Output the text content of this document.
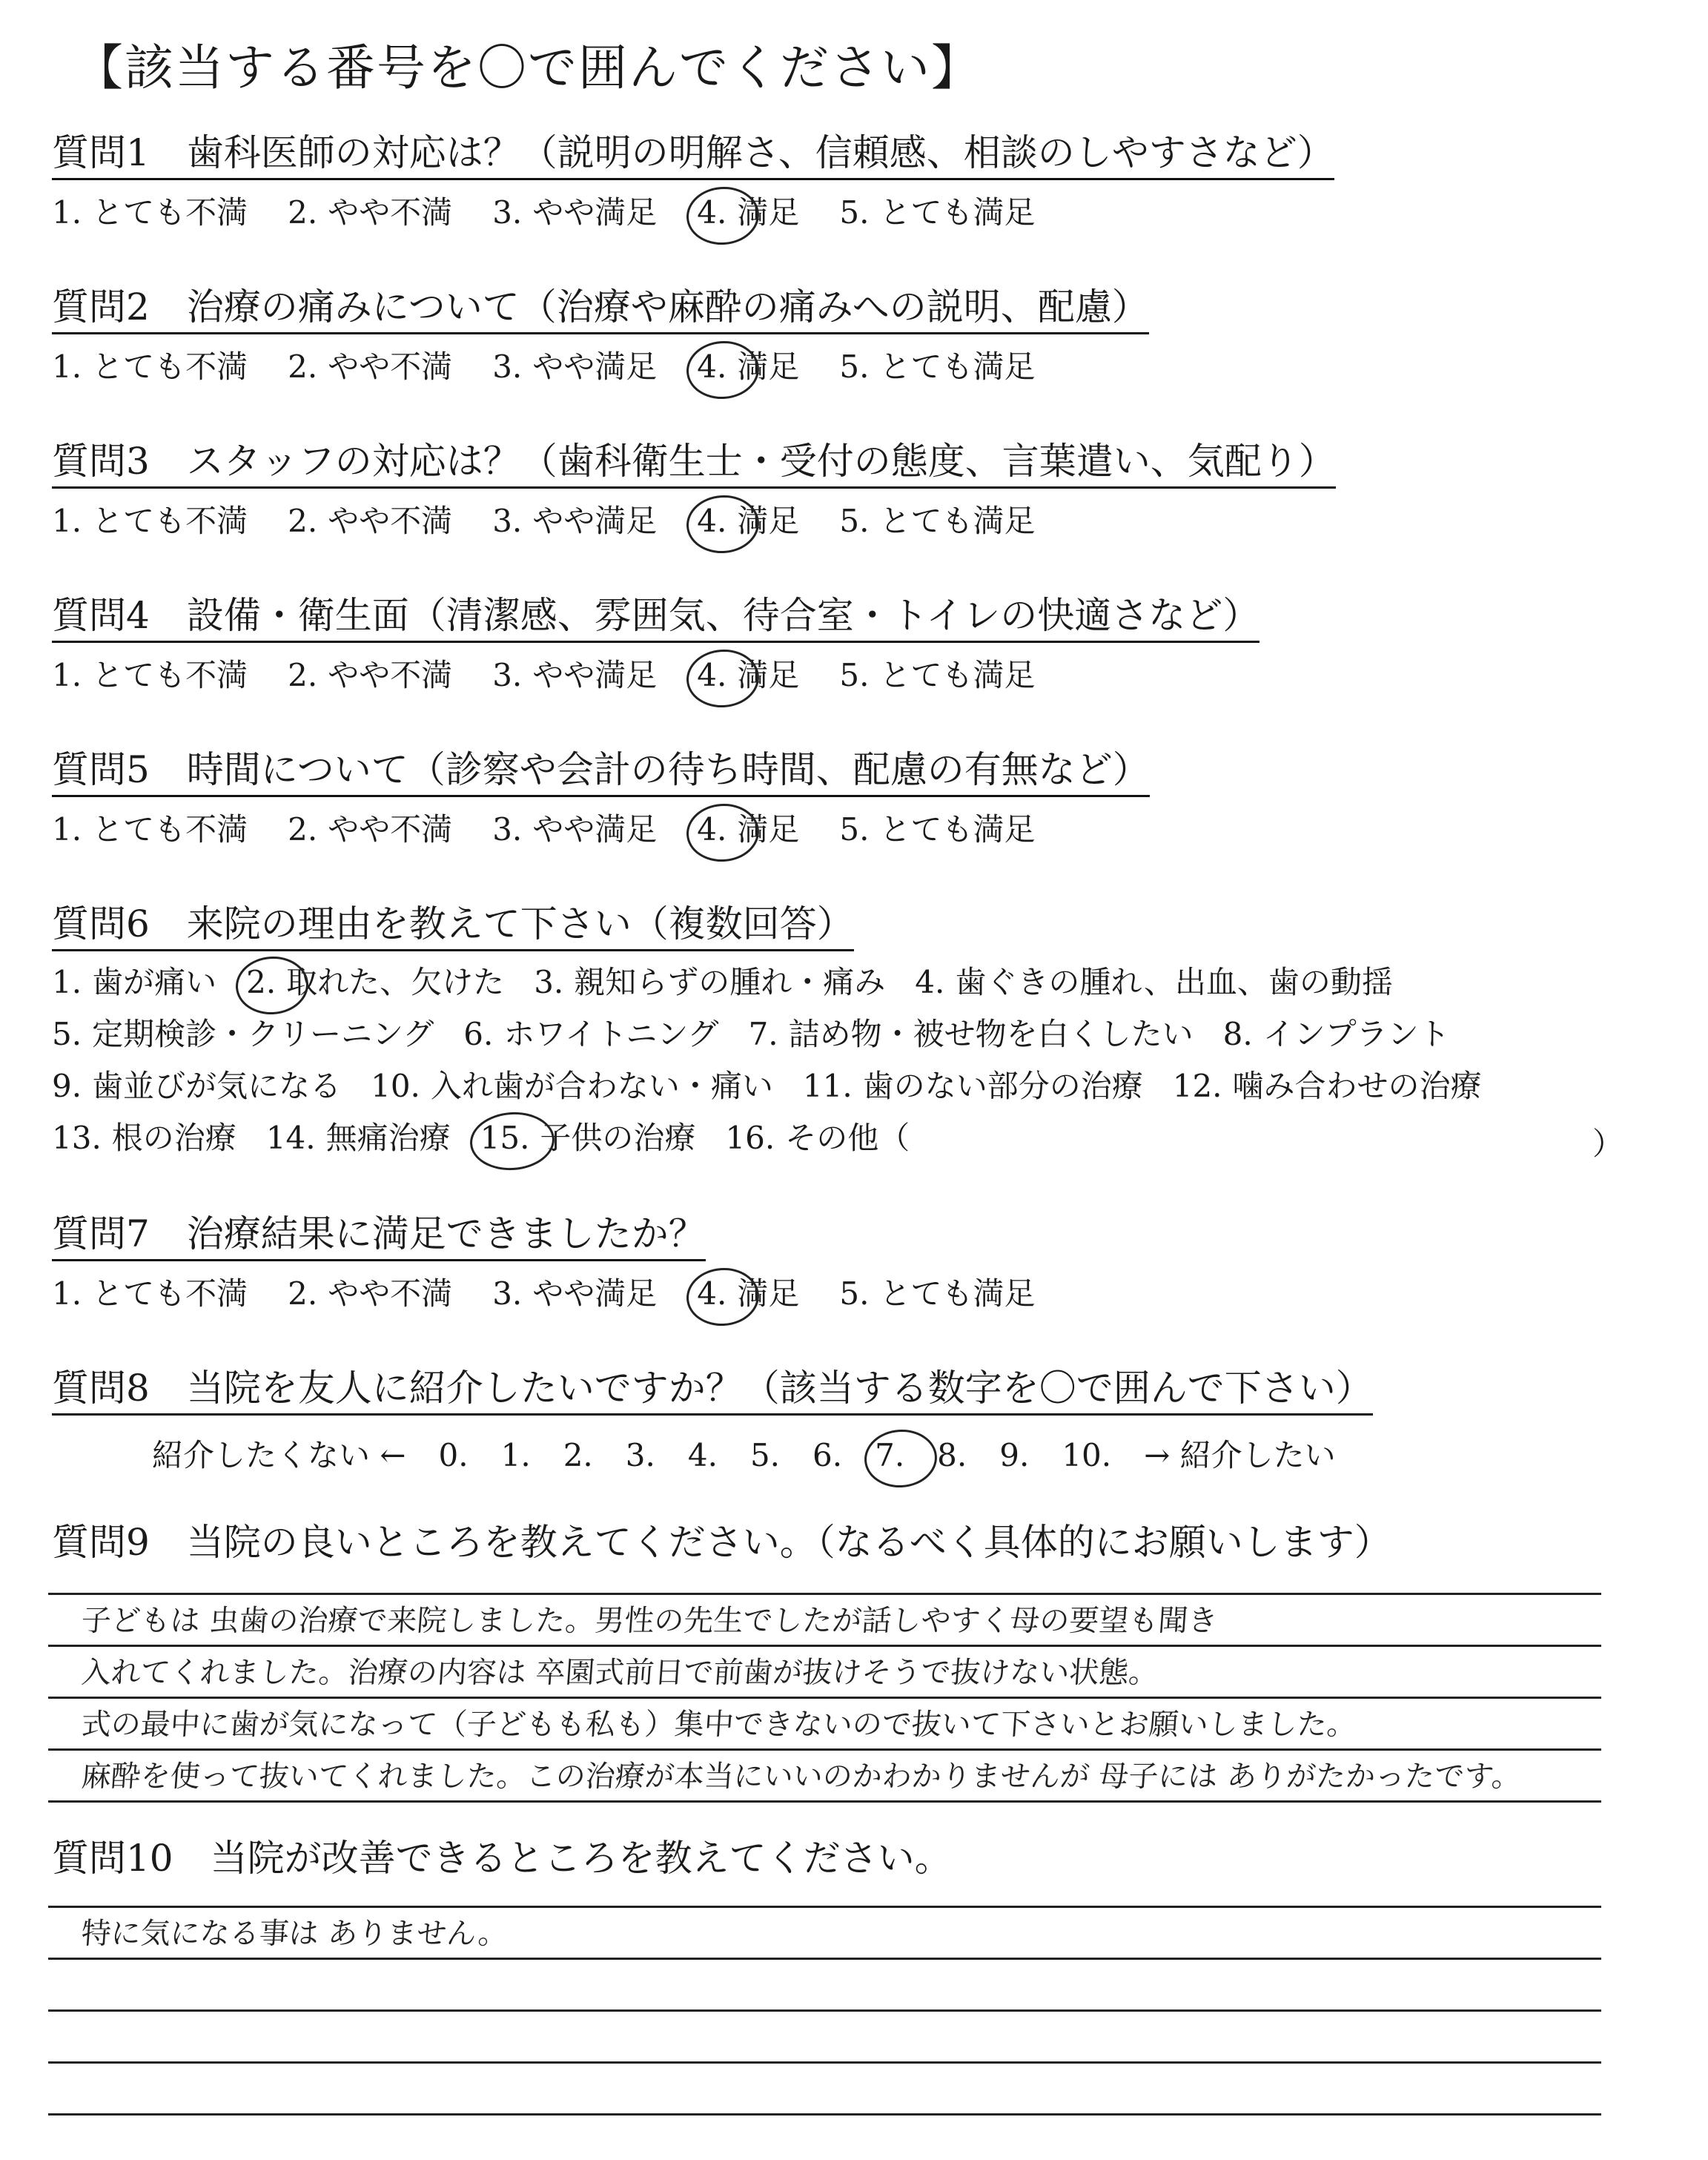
【該当する番号を〇で囲んでください】
質問1　歯科医師の対応は？（説明の明解さ、信頼感、相談のしやすさなど）
1. とても不満 2. やや不満 3. やや満足 4. 満足 5. とても満足
質問2　治療の痛みについて（治療や麻酔の痛みへの説明、配慮）
1. とても不満 2. やや不満 3. やや満足 4. 満足 5. とても満足
質問3　スタッフの対応は？（歯科衛生士・受付の態度、言葉遣い、気配り）
1. とても不満 2. やや不満 3. やや満足 4. 満足 5. とても満足
質問4　設備・衛生面（清潔感、雰囲気、待合室・トイレの快適さなど）
1. とても不満 2. やや不満 3. やや満足 4. 満足 5. とても満足
質問5　時間について（診察や会計の待ち時間、配慮の有無など）
1. とても不満 2. やや不満 3. やや満足 4. 満足 5. とても満足
質問6　来院の理由を教えて下さい（複数回答）
1. 歯が痛い 2. 取れた、欠けた 3. 親知らずの腫れ・痛み 4. 歯ぐきの腫れ、出血、歯の動揺
5. 定期検診・クリーニング 6. ホワイトニング 7. 詰め物・被せ物を白くしたい 8. インプラント
9. 歯並びが気になる 10. 入れ歯が合わない・痛い 11. 歯のない部分の治療 12. 噛み合わせの治療
13. 根の治療 14. 無痛治療 15. 子供の治療 16. その他（	）
質問7　治療結果に満足できましたか？
1. とても不満 2. やや不満 3. やや満足 4. 満足 5. とても満足
質問8　当院を友人に紹介したいですか？（該当する数字を〇で囲んで下さい）
紹介したくない ← 0. 1. 2. 3. 4. 5. 6. 7. 8. 9. 10. → 紹介したい
質問9　当院の良いところを教えてください。（なるべく具体的にお願いします）
子どもは 虫歯の治療で来院しました。男性の先生でしたが話しやすく母の要望も聞き
入れてくれました。治療の内容は 卒園式前日で前歯が抜けそうで抜けない状態。
式の最中に歯が気になって（子どもも私も）集中できないので抜いて下さいとお願いしました。
麻酔を使って抜いてくれました。この治療が本当にいいのかわかりませんが 母子には ありがたかったです。
質問10　当院が改善できるところを教えてください。
特に気になる事は ありません。
